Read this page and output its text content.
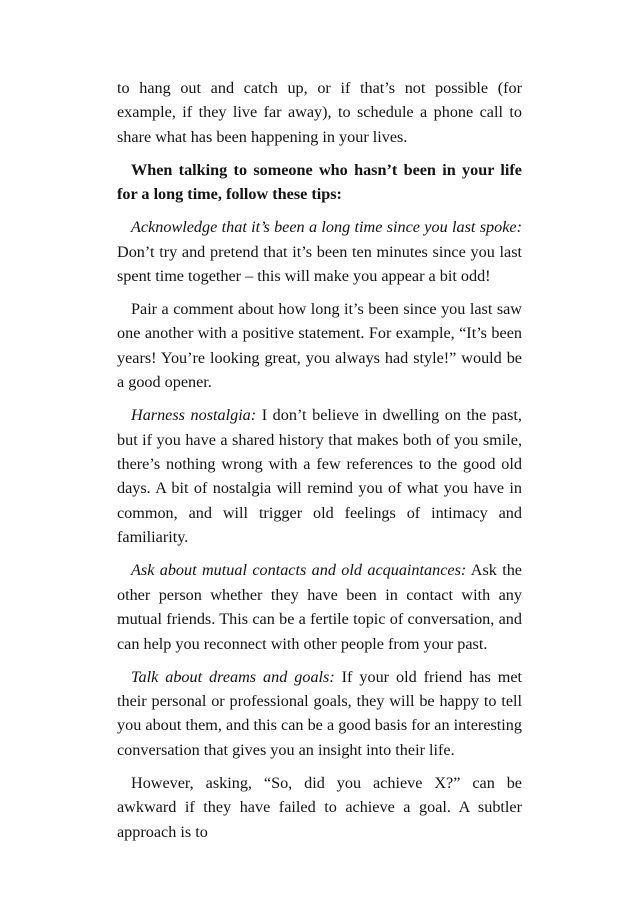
to hang out and catch up, or if that’s not possible (for example, if they live far away), to schedule a phone call to share what has been happening in your lives.

When talking to someone who hasn’t been in your life for a long time, follow these tips:

Acknowledge that it’s been a long time since you last spoke: Don’t try and pretend that it’s been ten minutes since you last spent time together – this will make you appear a bit odd!

Pair a comment about how long it’s been since you last saw one another with a positive statement. For example, “It’s been years! You’re looking great, you always had style!” would be a good opener.

Harness nostalgia: I don’t believe in dwelling on the past, but if you have a shared history that makes both of you smile, there’s nothing wrong with a few references to the good old days. A bit of nostalgia will remind you of what you have in common, and will trigger old feelings of intimacy and familiarity.

Ask about mutual contacts and old acquaintances: Ask the other person whether they have been in contact with any mutual friends. This can be a fertile topic of conversation, and can help you reconnect with other people from your past.

Talk about dreams and goals: If your old friend has met their personal or professional goals, they will be happy to tell you about them, and this can be a good basis for an interesting conversation that gives you an insight into their life.

However, asking, “So, did you achieve X?” can be awkward if they have failed to achieve a goal. A subtler approach is to
